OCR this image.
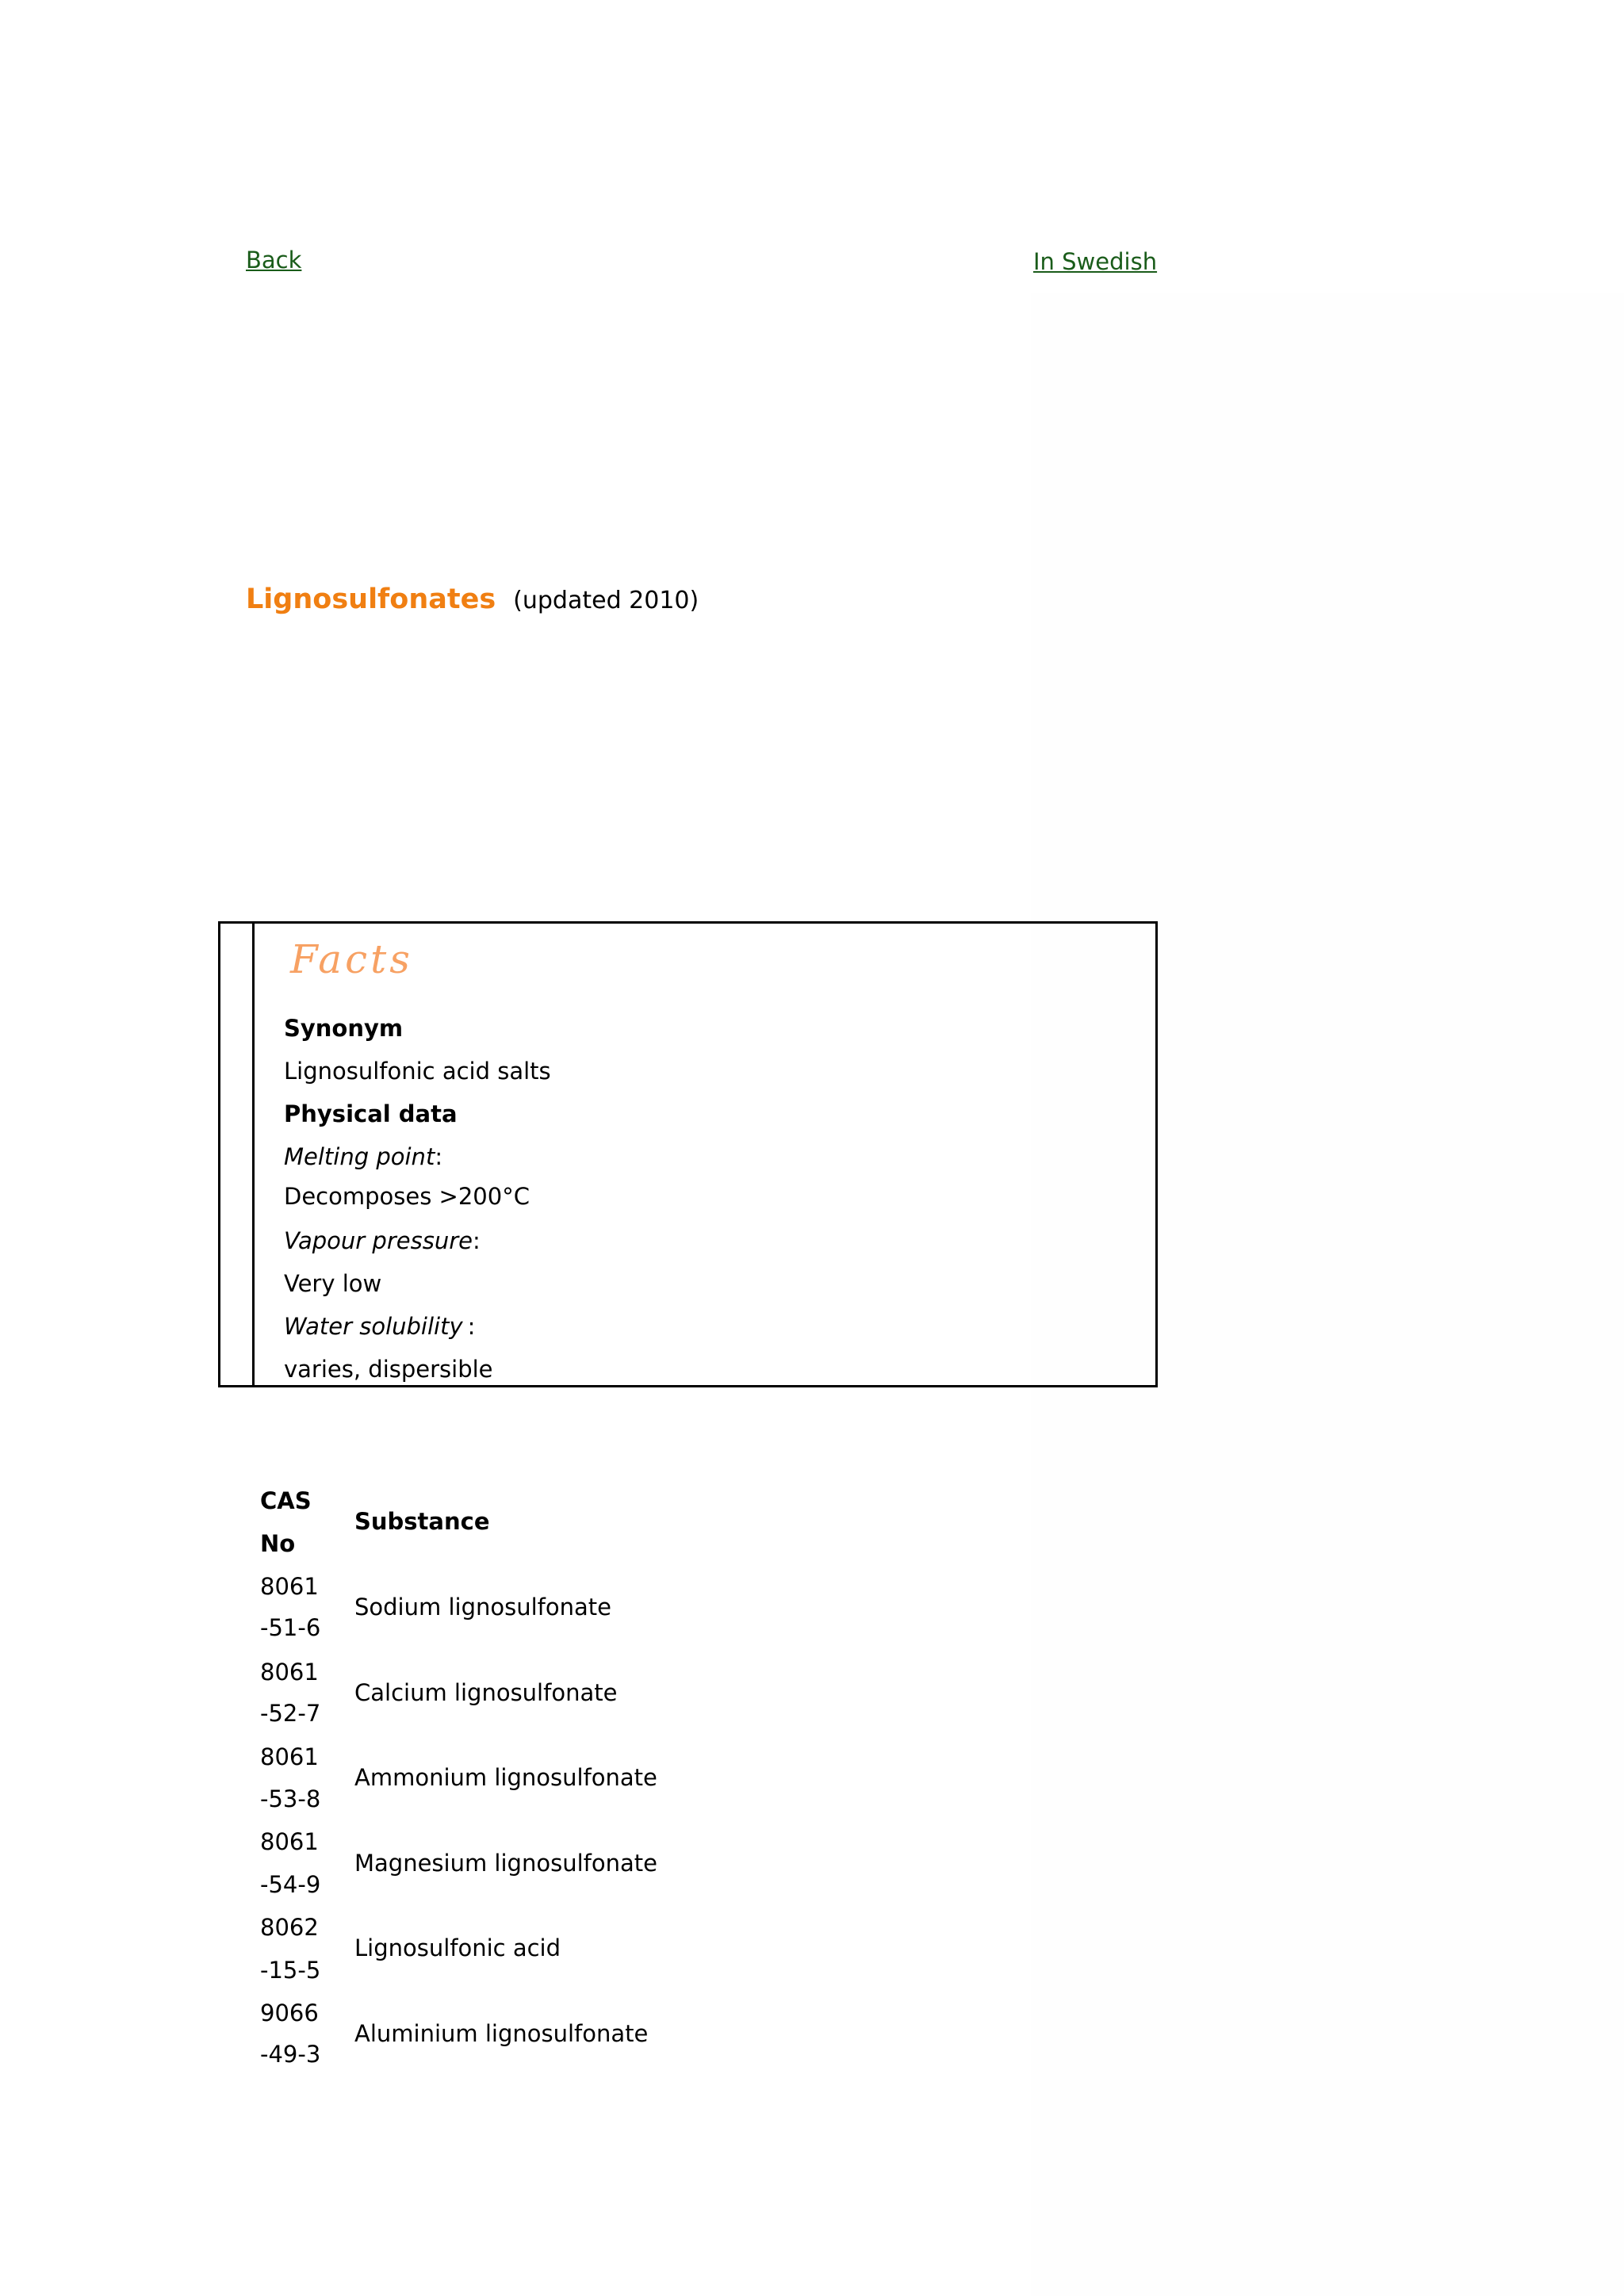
Back	In Swedish
Lignosulfonates (updated 2010)
Facts
Synonym
Lignosulfonic acid salts
Physical data
Melting point:
Decomposes >200°C
Vapour pressure:
Very low
Water solubility :
varies, dispersible
CAS
No
Substance
8061
-51-6
Sodium lignosulfonate
8061
-52-7
Calcium lignosulfonate
8061
-53-8
Ammonium lignosulfonate
8061
-54-9
Magnesium lignosulfonate
8062
-15-5
Lignosulfonic acid
9066
-49-3
Aluminium lignosulfonate
